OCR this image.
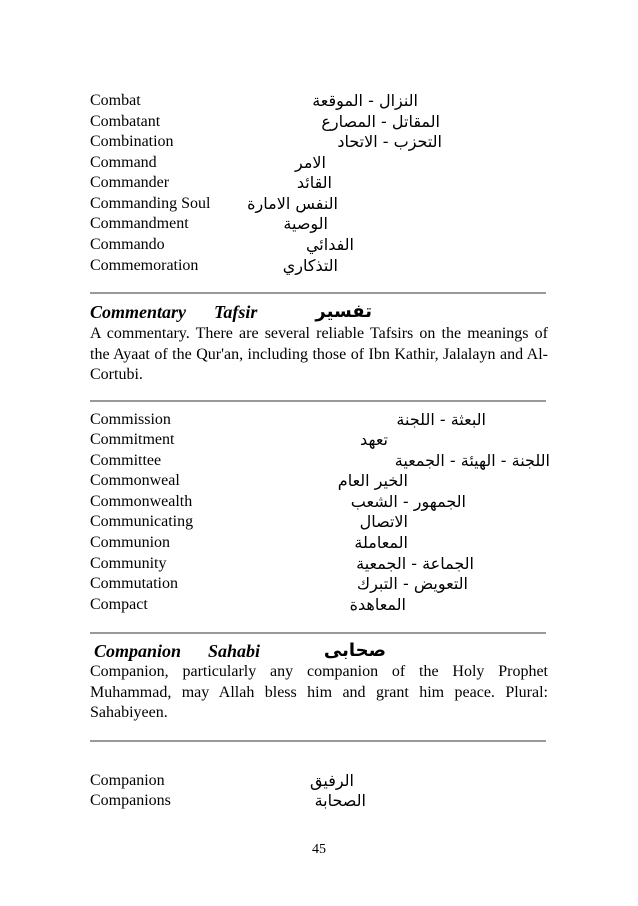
Combat	النزال - الموقعة
Combatant	المقاتل - المصارع
Combination	التحزب - الاتحاد
Command	الامر
Commander	القائد
Commanding Soul النفس الامارة
Commandment	الوصية
Commando	الفدائي
Commemoration	التذكاري
Commentary Tafsir	تفسير

A commentary. There are several reliable Tafsirs on the meanings of the Ayaat of the Qur'an, including those of Ibn Kathir, Jalalayn and Al-Cortubi.

Commission	البعثة - اللجنة
Commitment	تعهد
Committee	اللجنة - الهيئة - الجمعية
Commonweal	الخير العام
Commonwealth	الجمهور - الشعب
Communicating	الاتصال
Communion	المعاملة
Community	الجماعة - الجمعية
Commutation	التعويض - التبرك
Compact	المعاهدة
Companion Sahabi	صحابى

Companion, particularly any companion of the Holy Prophet Muhammad, may Allah bless him and grant him peace. Plural: Sahabiyeen.

Companion	الرفيق
Companions	الصحابة
45
